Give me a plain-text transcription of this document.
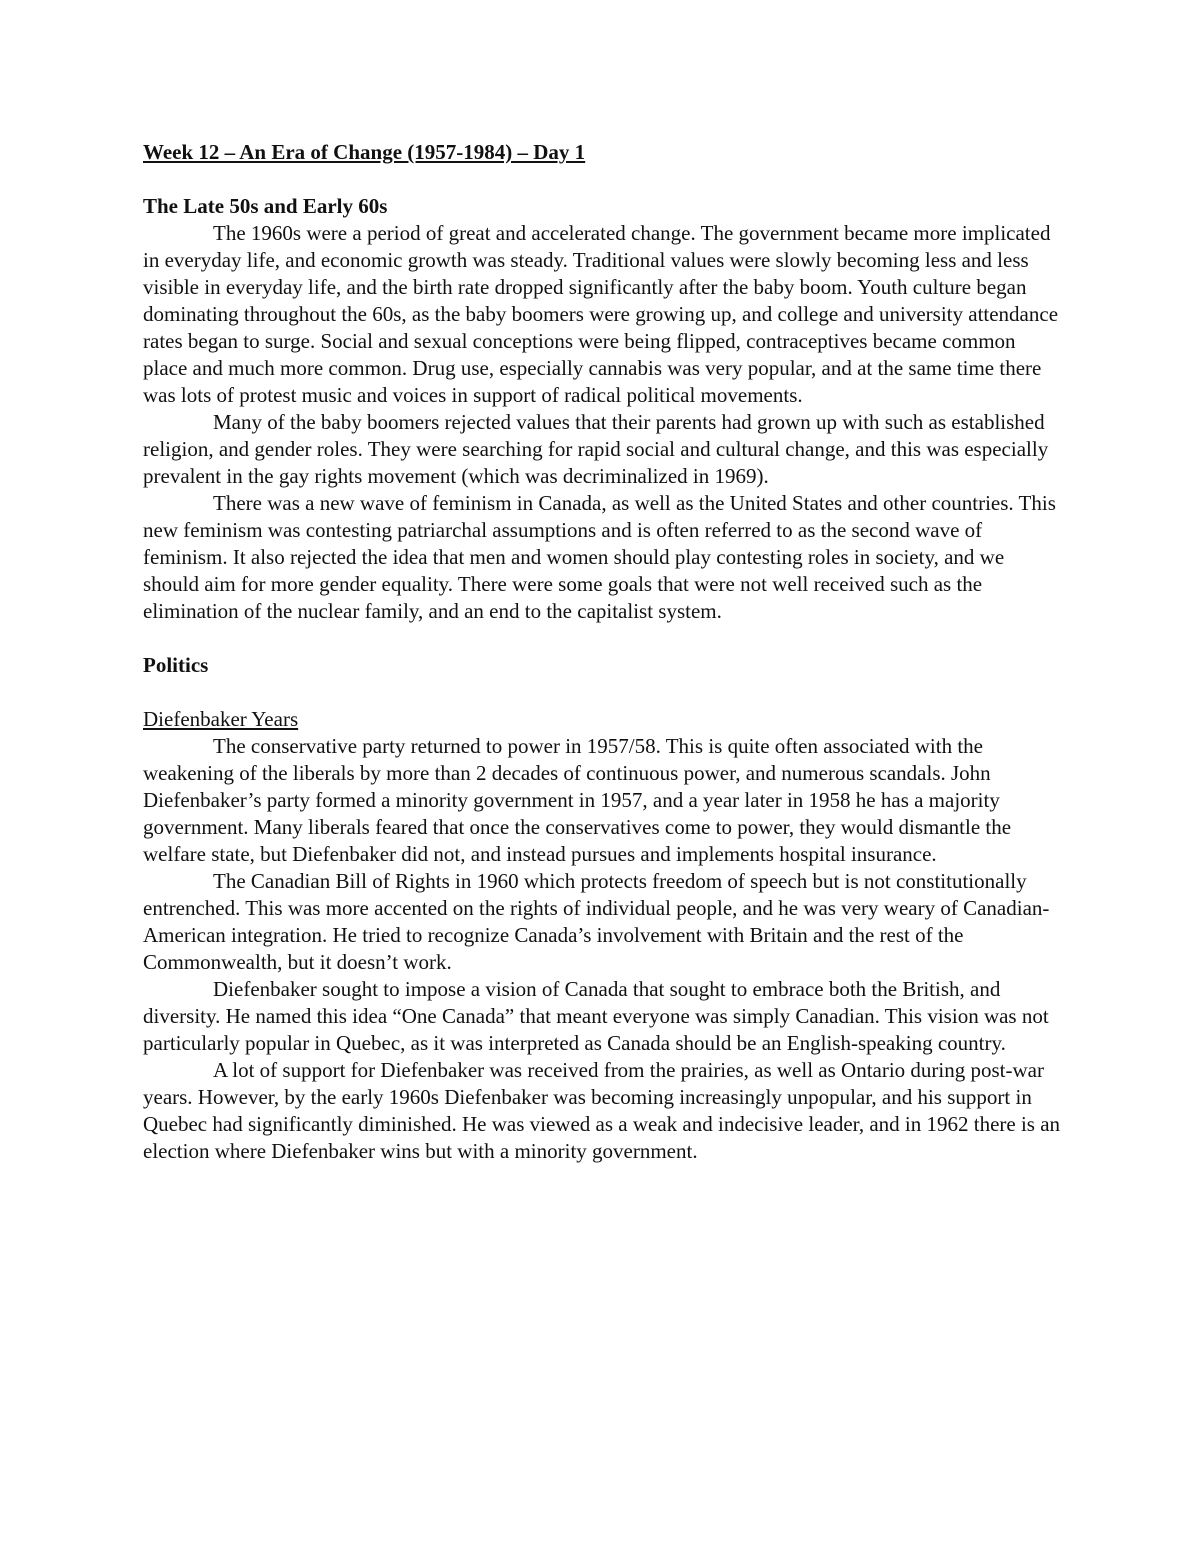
Week 12 – An Era of Change (1957-1984) – Day 1
The Late 50s and Early 60s

The 1960s were a period of great and accelerated change. The government became more implicated in everyday life, and economic growth was steady. Traditional values were slowly becoming less and less visible in everyday life, and the birth rate dropped significantly after the baby boom. Youth culture began dominating throughout the 60s, as the baby boomers were growing up, and college and university attendance rates began to surge. Social and sexual conceptions were being flipped, contraceptives became common place and much more common. Drug use, especially cannabis was very popular, and at the same time there was lots of protest music and voices in support of radical political movements.

Many of the baby boomers rejected values that their parents had grown up with such as established religion, and gender roles. They were searching for rapid social and cultural change, and this was especially prevalent in the gay rights movement (which was decriminalized in 1969).

There was a new wave of feminism in Canada, as well as the United States and other countries. This new feminism was contesting patriarchal assumptions and is often referred to as the second wave of feminism. It also rejected the idea that men and women should play contesting roles in society, and we should aim for more gender equality. There were some goals that were not well received such as the elimination of the nuclear family, and an end to the capitalist system.

Politics
Diefenbaker Years

The conservative party returned to power in 1957/58. This is quite often associated with the weakening of the liberals by more than 2 decades of continuous power, and numerous scandals. John Diefenbaker’s party formed a minority government in 1957, and a year later in 1958 he has a majority government. Many liberals feared that once the conservatives come to power, they would dismantle the welfare state, but Diefenbaker did not, and instead pursues and implements hospital insurance.

The Canadian Bill of Rights in 1960 which protects freedom of speech but is not constitutionally entrenched. This was more accented on the rights of individual people, and he was very weary of Canadian-American integration. He tried to recognize Canada’s involvement with Britain and the rest of the Commonwealth, but it doesn’t work.

Diefenbaker sought to impose a vision of Canada that sought to embrace both the British, and diversity. He named this idea “One Canada” that meant everyone was simply Canadian. This vision was not particularly popular in Quebec, as it was interpreted as Canada should be an English-speaking country.

A lot of support for Diefenbaker was received from the prairies, as well as Ontario during post-war years. However, by the early 1960s Diefenbaker was becoming increasingly unpopular, and his support in Quebec had significantly diminished. He was viewed as a weak and indecisive leader, and in 1962 there is an election where Diefenbaker wins but with a minority government.
